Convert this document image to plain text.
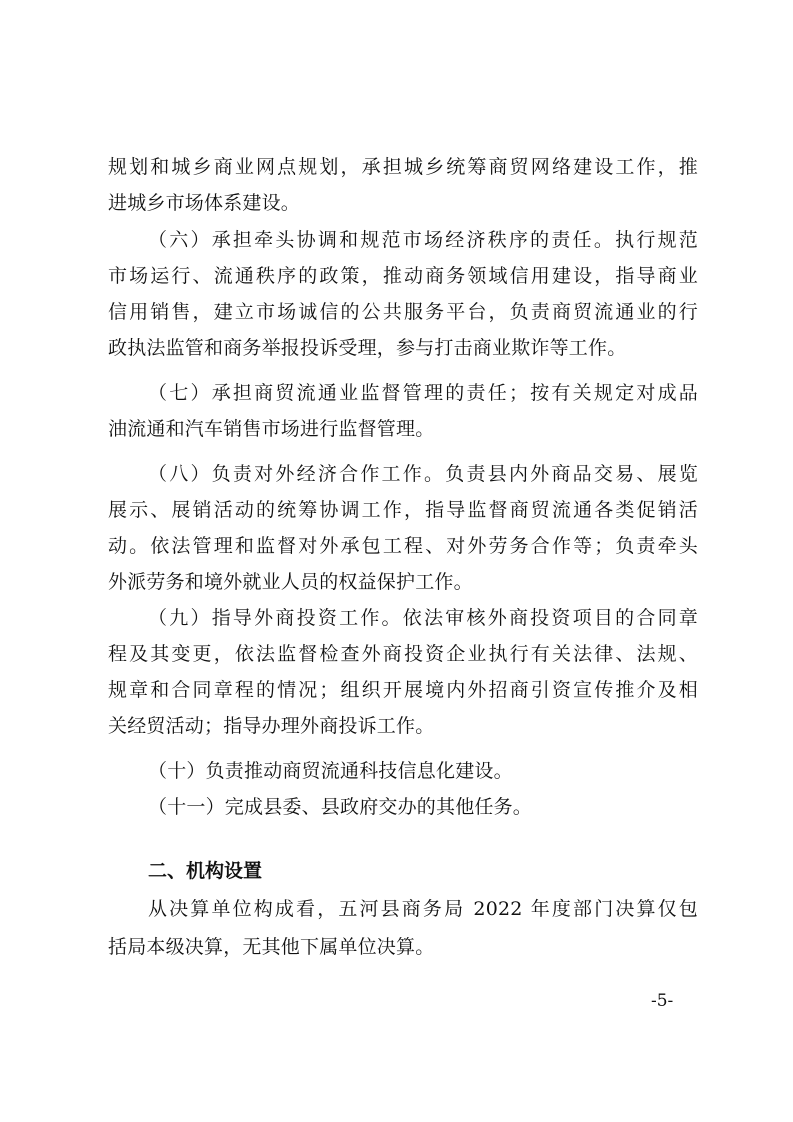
规划和城乡商业网点规划，承担城乡统筹商贸网络建设工作，推
进城乡市场体系建设。
（六）承担牵头协调和规范市场经济秩序的责任。执行规范
市场运行、流通秩序的政策，推动商务领域信用建设，指导商业
信用销售，建立市场诚信的公共服务平台，负责商贸流通业的行
政执法监管和商务举报投诉受理，参与打击商业欺诈等工作。
（七）承担商贸流通业监督管理的责任；按有关规定对成品
油流通和汽车销售市场进行监督管理。
（八）负责对外经济合作工作。负责县内外商品交易、展览
展示、展销活动的统筹协调工作，指导监督商贸流通各类促销活
动。依法管理和监督对外承包工程、对外劳务合作等；负责牵头
外派劳务和境外就业人员的权益保护工作。
（九）指导外商投资工作。依法审核外商投资项目的合同章
程及其变更，依法监督检查外商投资企业执行有关法律、法规、
规章和合同章程的情况；组织开展境内外招商引资宣传推介及相
关经贸活动；指导办理外商投诉工作。
（十）负责推动商贸流通科技信息化建设。
（十一）完成县委、县政府交办的其他任务。
二、机构设置
从决算单位构成看，五河县商务局 2022 年度部门决算仅包
括局本级决算，无其他下属单位决算。
-5-
